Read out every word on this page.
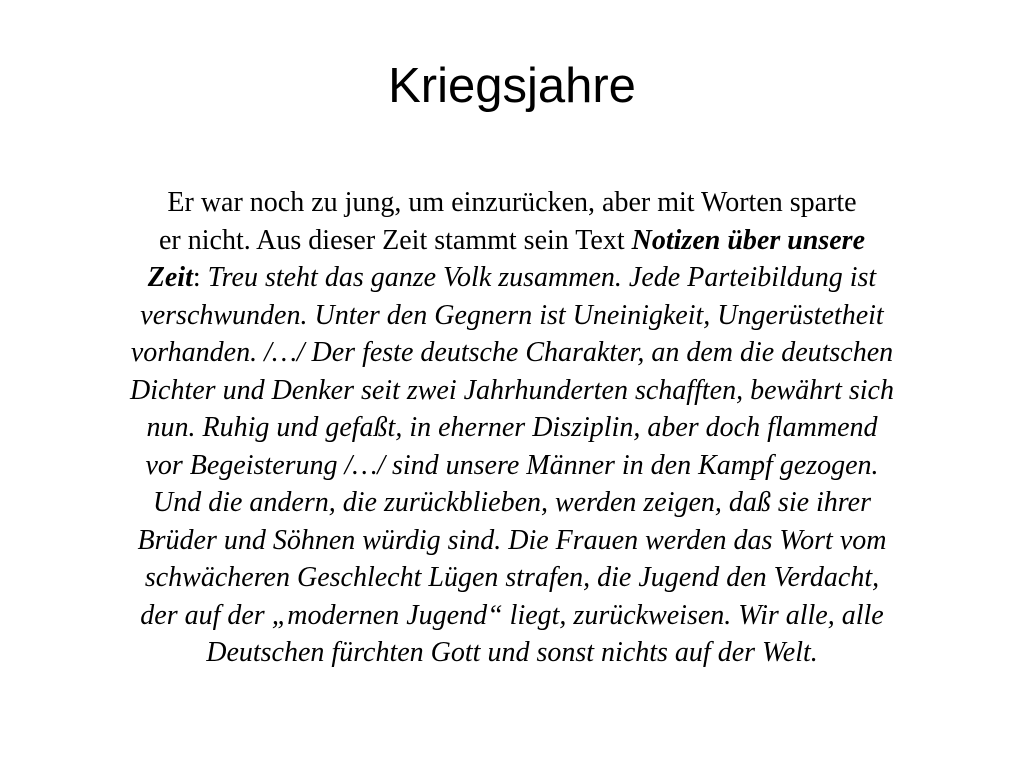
Kriegsjahre
Er war noch zu jung, um einzurücken, aber mit Worten sparte
er nicht. Aus dieser Zeit stammt sein Text Notizen über unsere
Zeit: Treu steht das ganze Volk zusammen. Jede Parteibildung ist
verschwunden. Unter den Gegnern ist Uneinigkeit, Ungerüstetheit
vorhanden. /…/ Der feste deutsche Charakter, an dem die deutschen
Dichter und Denker seit zwei Jahrhunderten schafften, bewährt sich
nun. Ruhig und gefaßt, in eherner Disziplin, aber doch flammend
vor Begeisterung /…/ sind unsere Männer in den Kampf gezogen.
Und die andern, die zurückblieben, werden zeigen, daß sie ihrer
Brüder und Söhnen würdig sind. Die Frauen werden das Wort vom
schwächeren Geschlecht Lügen strafen, die Jugend den Verdacht,
der auf der „modernen Jugend“ liegt, zurückweisen. Wir alle, alle
Deutschen fürchten Gott und sonst nichts auf der Welt.
